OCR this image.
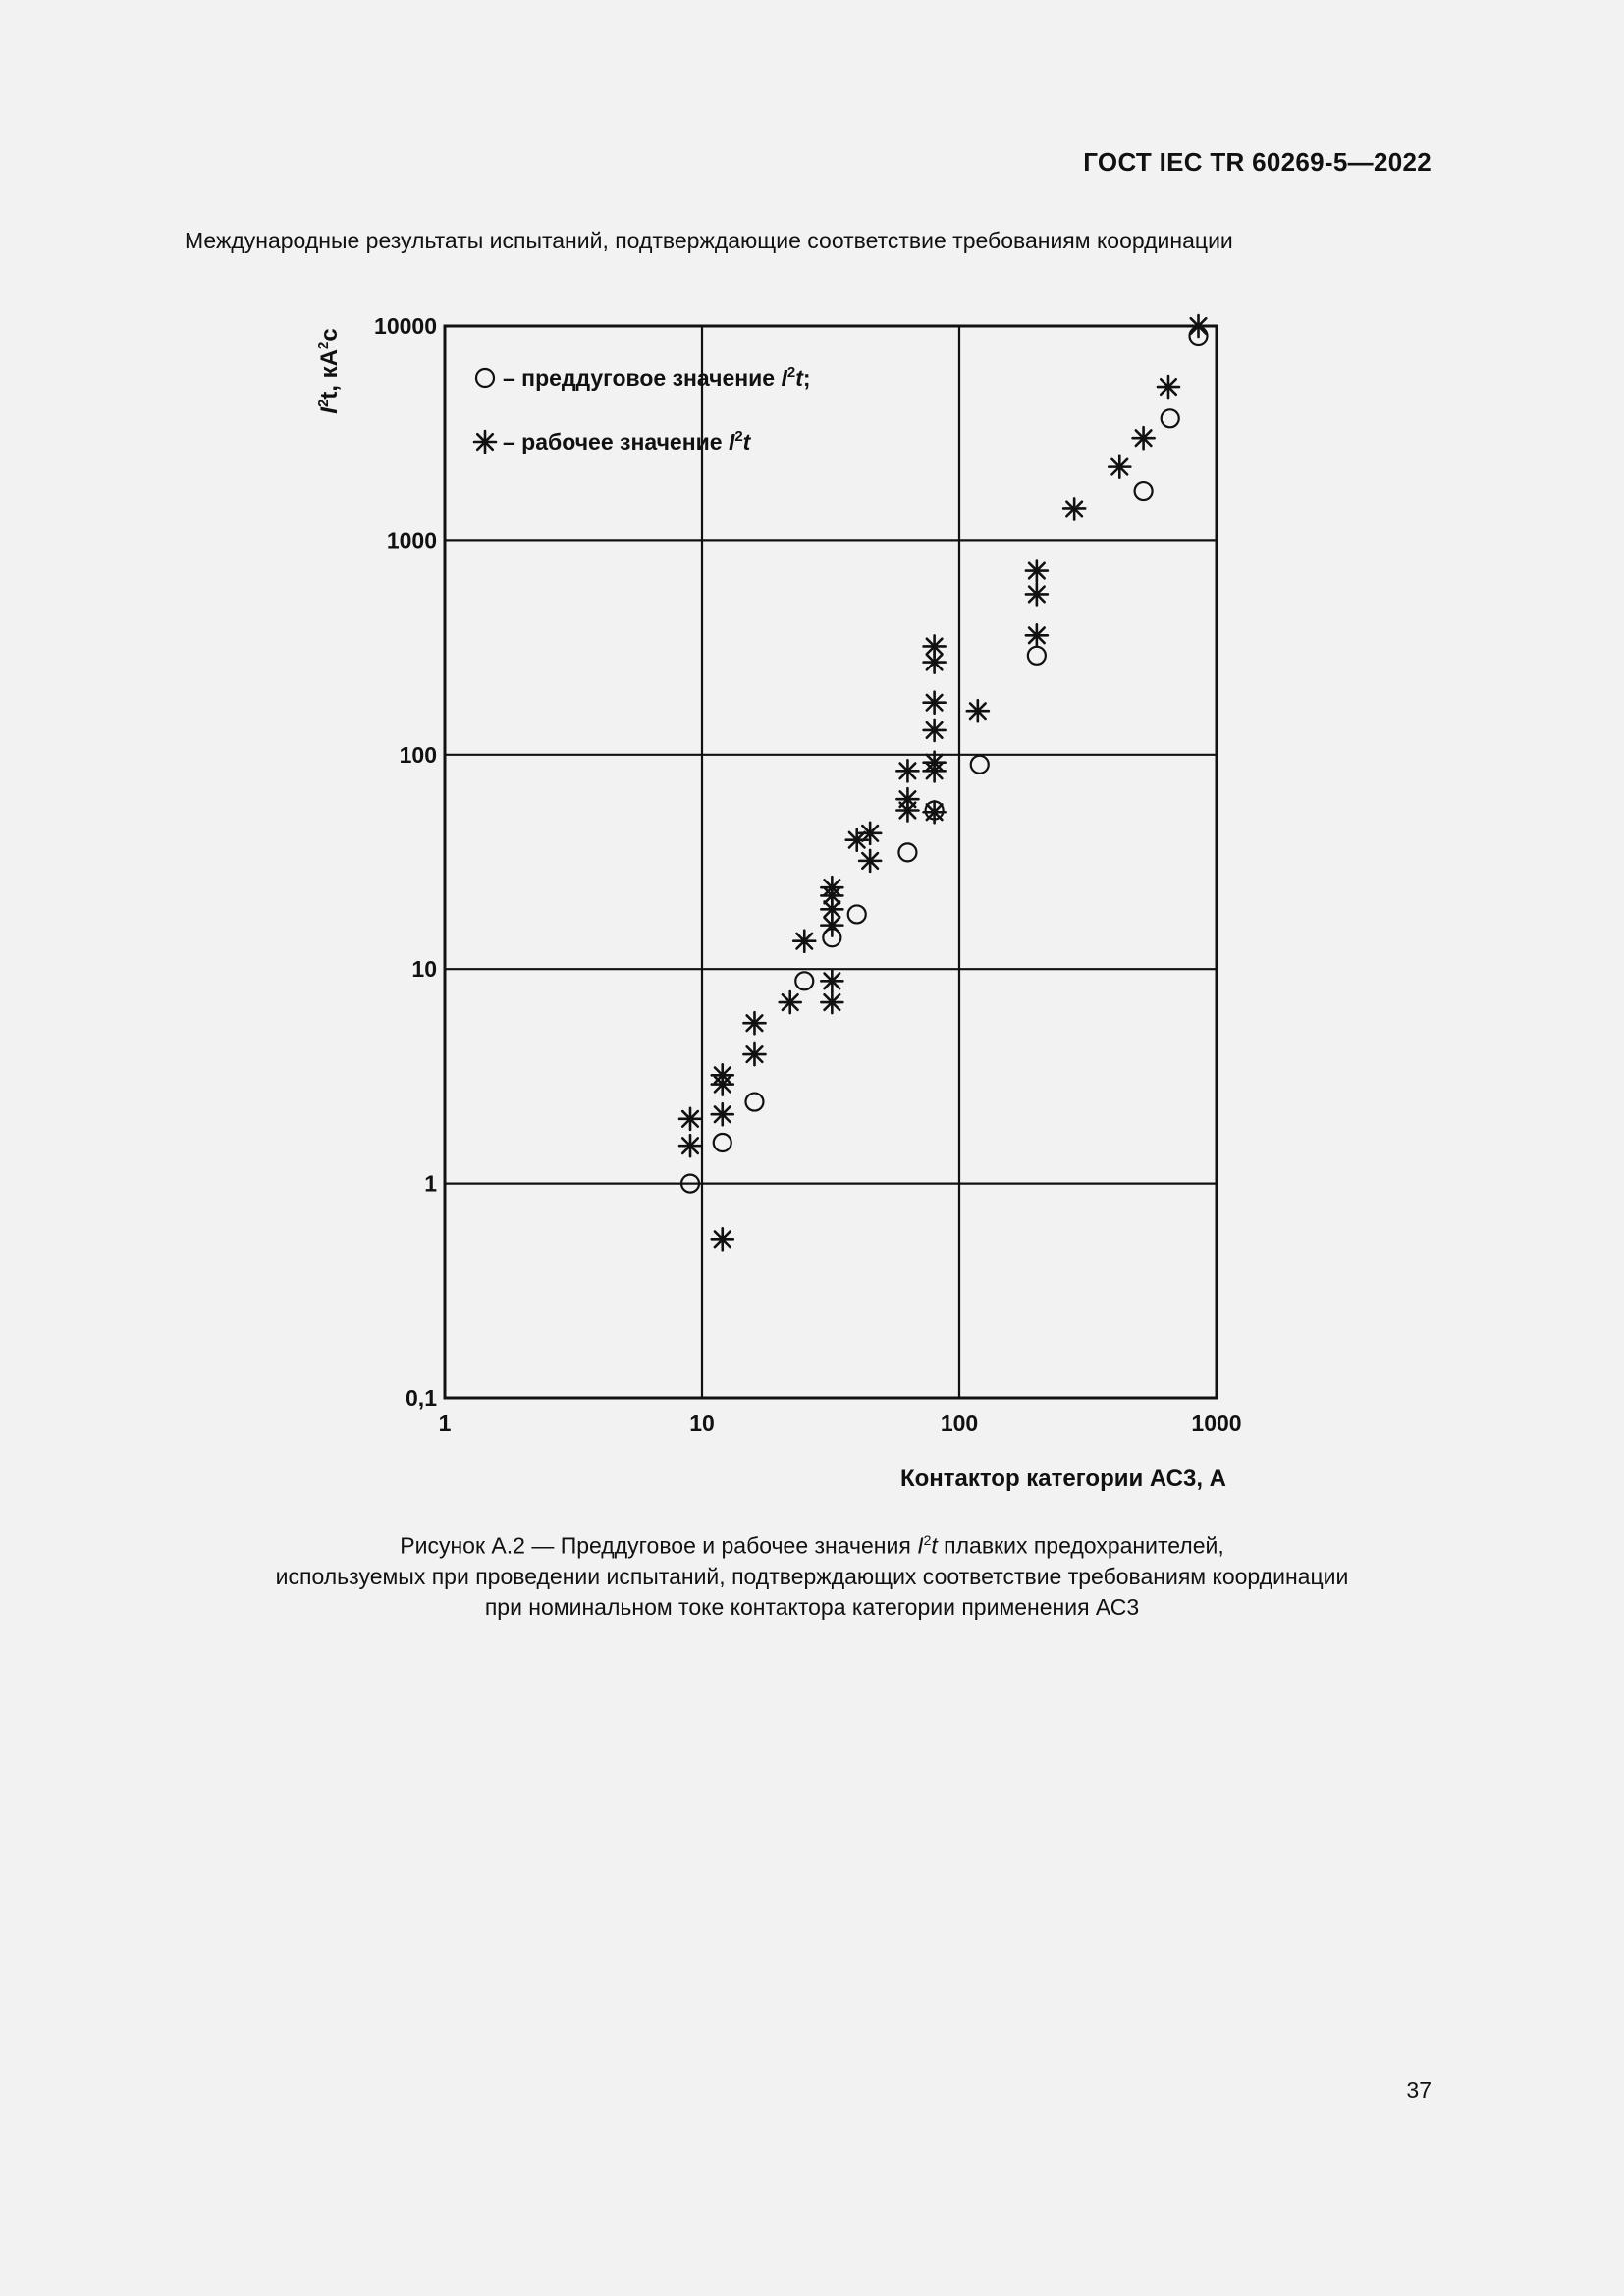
ГОСТ IEC TR 60269-5—2022
Международные результаты испытаний, подтверждающие соответствие требованиям координации
1	10	100	1000
0,1
1
10
100
1000
10000
$I^2t$, $кА^2с$
Контактор категории АС3, А
– преддуговое значение $I^2t$;
– рабочее значение $I^2t$

Рисунок А.2 — Преддуговое и рабочее значения $I^2t$ плавких предохранителей,

используемых при проведении испытаний, подтверждающих соответствие требованиям координации

при номинальном токе контактора категории применения АС3

37
